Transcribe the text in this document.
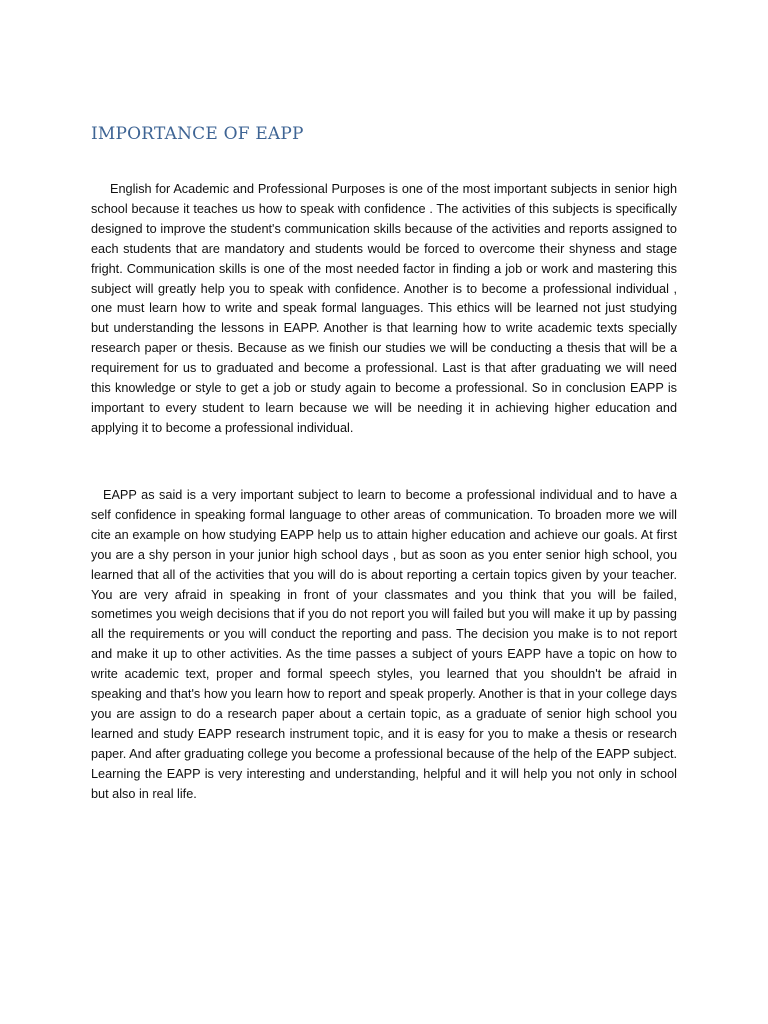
IMPORTANCE OF EAPP

English for Academic and Professional Purposes is one of the most important subjects in senior high school because it teaches us how to speak with confidence . The activities of this subjects is specifically designed to improve the student's communication skills because of the activities and reports assigned to each students that are mandatory and students would be forced to overcome their shyness and stage fright. Communication skills is one of the most needed factor in finding a job or work and mastering this subject will greatly help you to speak with confidence. Another is to become a professional individual , one must learn how to write and speak formal languages. This ethics will be learned not just studying but understanding the lessons in EAPP. Another is that learning how to write academic texts specially research paper or thesis. Because as we finish our studies we will be conducting a thesis that will be a requirement for us to graduated and become a professional. Last is that after graduating we will need this knowledge or style to get a job or study again to become a professional. So in conclusion EAPP is important to every student to learn because we will be needing it in achieving higher education and applying it to become a professional individual.

EAPP as said is a very important subject to learn to become a professional individual and to have a self confidence in speaking formal language to other areas of communication. To broaden more we will cite an example on how studying EAPP help us to attain higher education and achieve our goals. At first you are a shy person in your junior high school days , but as soon as you enter senior high school, you learned that all of the activities that you will do is about reporting a certain topics given by your teacher. You are very afraid in speaking in front of your classmates and you think that you will be failed, sometimes you weigh decisions that if you do not report you will failed but you will make it up by passing all the requirements or you will conduct the reporting and pass. The decision you make is to not report and make it up to other activities. As the time passes a subject of yours EAPP have a topic on how to write academic text, proper and formal speech styles, you learned that you shouldn't be afraid in speaking and that's how you learn how to report and speak properly. Another is that in your college days you are assign to do a research paper about a certain topic, as a graduate of senior high school you learned and study EAPP research instrument topic, and it is easy for you to make a thesis or research paper. And after graduating college you become a professional because of the help of the EAPP subject. Learning the EAPP is very interesting and understanding, helpful and it will help you not only in school but also in real life.
